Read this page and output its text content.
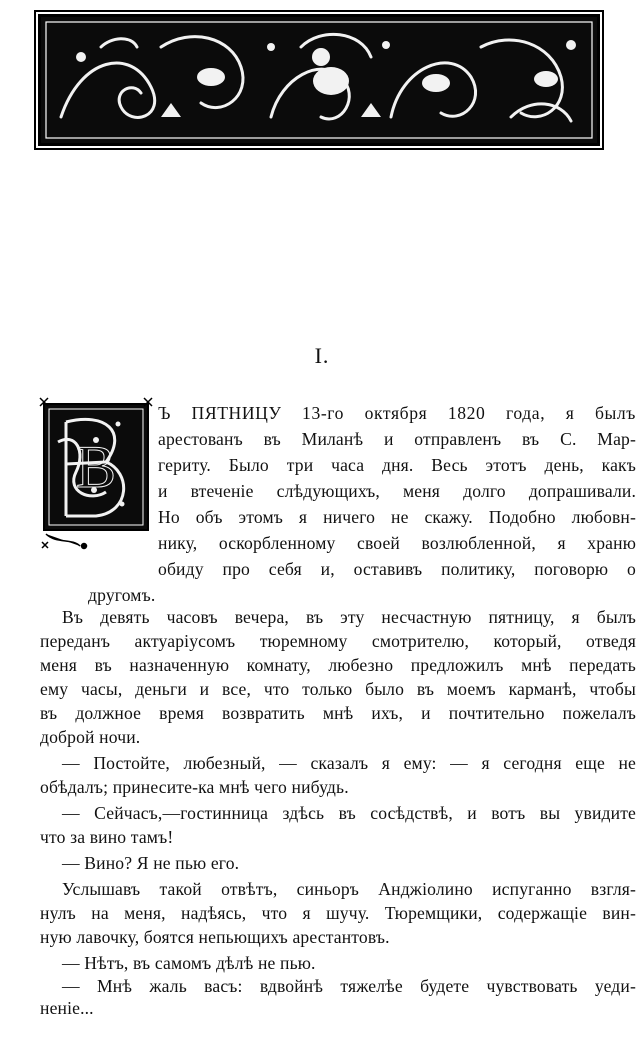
I.
В
Ъ ПЯТНИЦУ 13-го октября 1820 года, я былъ
арестованъ въ Миланѣ и отправленъ въ С. Мар-
гериту. Было три часа дня. Весь этотъ день, какъ
и втеченіе слѣдующихъ, меня долго допрашивали.
Но объ этомъ я ничего не скажу. Подобно любовн-
нику, оскорбленному своей возлюбленной, я храню
обиду про себя и, оставивъ политику, поговорю о
другомъ.
Въ девять часовъ вечера, въ эту несчастную пятницу, я былъ
переданъ актуаріусомъ тюремному смотрителю, который, отведя
меня въ назначенную комнату, любезно предложилъ мнѣ передать
ему часы, деньги и все, что только было въ моемъ карманѣ, чтобы
въ должное время возвратить мнѣ ихъ, и почтительно пожелалъ
доброй ночи.
— Постойте, любезный, — сказалъ я ему: — я сегодня еще не
обѣдалъ; принесите-ка мнѣ чего нибудь.
— Сейчасъ,—гостинница здѣсь въ сосѣдствѣ, и вотъ вы увидите
что за вино тамъ!
— Вино? Я не пью его.
Услышавъ такой отвѣтъ, синьоръ Анджіолино испуганно взгля-
нулъ на меня, надѣясь, что я шучу. Тюремщики, содержащіе вин-
ную лавочку, боятся непьющихъ арестантовъ.
— Нѣтъ, въ самомъ дѣлѣ не пью.
— Мнѣ жаль васъ: вдвойнѣ тяжелѣе будете чувствовать уеди-
неніе...
